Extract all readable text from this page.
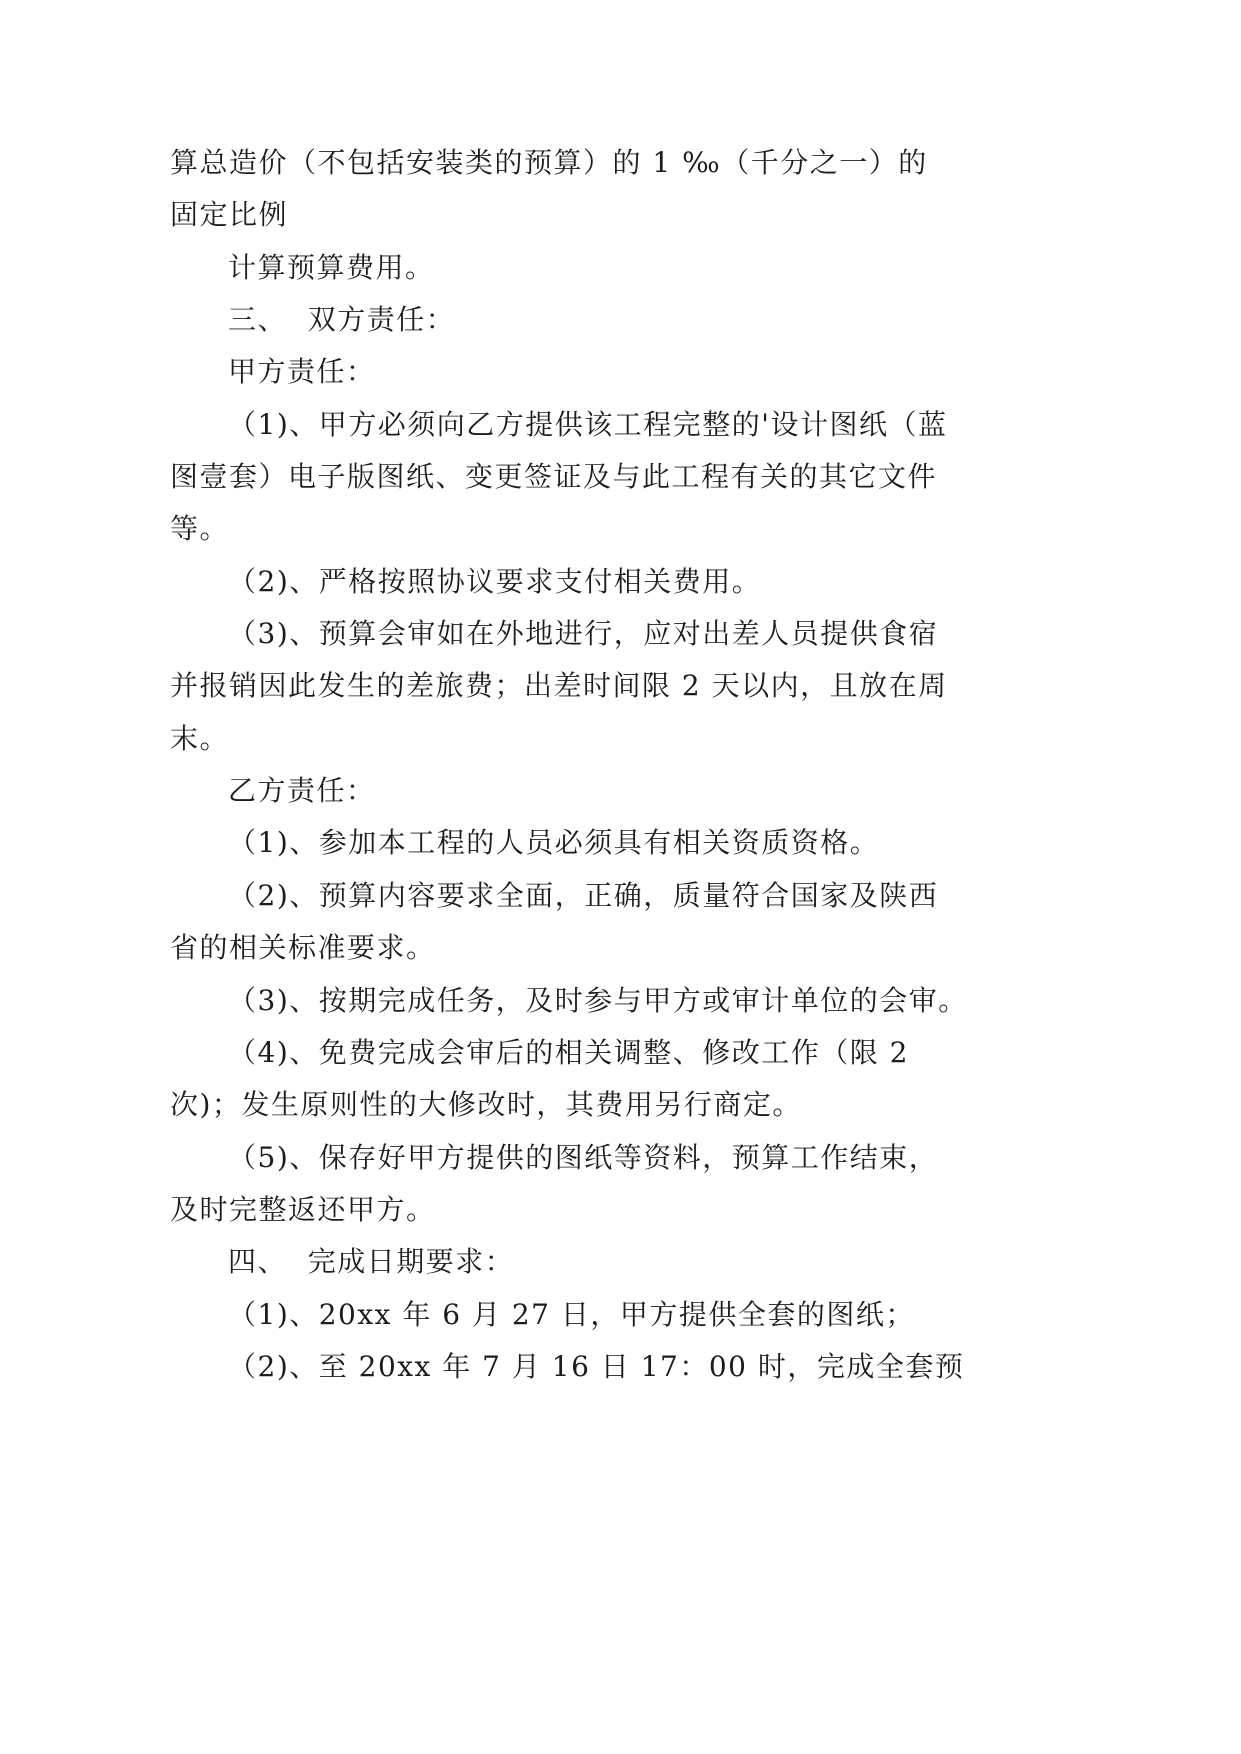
算总造价（不包括安装类的预算）的 1 ‰（千分之一）的
固定比例
计算预算费用。
三、  双方责任：
甲方责任：
（1)、甲方必须向乙方提供该工程完整的'设计图纸（蓝
图壹套）电子版图纸、变更签证及与此工程有关的其它文件
等。
（2)、严格按照协议要求支付相关费用。
（3)、预算会审如在外地进行，应对出差人员提供食宿
并报销因此发生的差旅费；出差时间限 2 天以内，且放在周
末。
乙方责任：
（1)、参加本工程的人员必须具有相关资质资格。
（2)、预算内容要求全面，正确，质量符合国家及陕西
省的相关标准要求。
（3)、按期完成任务，及时参与甲方或审计单位的会审。
（4)、免费完成会审后的相关调整、修改工作（限 2
次)；发生原则性的大修改时，其费用另行商定。
（5)、保存好甲方提供的图纸等资料，预算工作结束，
及时完整返还甲方。
四、  完成日期要求：
（1)、20xx 年 6 月 27 日，甲方提供全套的图纸；
（2)、至 20xx 年 7 月 16 日 17：00 时，完成全套预
